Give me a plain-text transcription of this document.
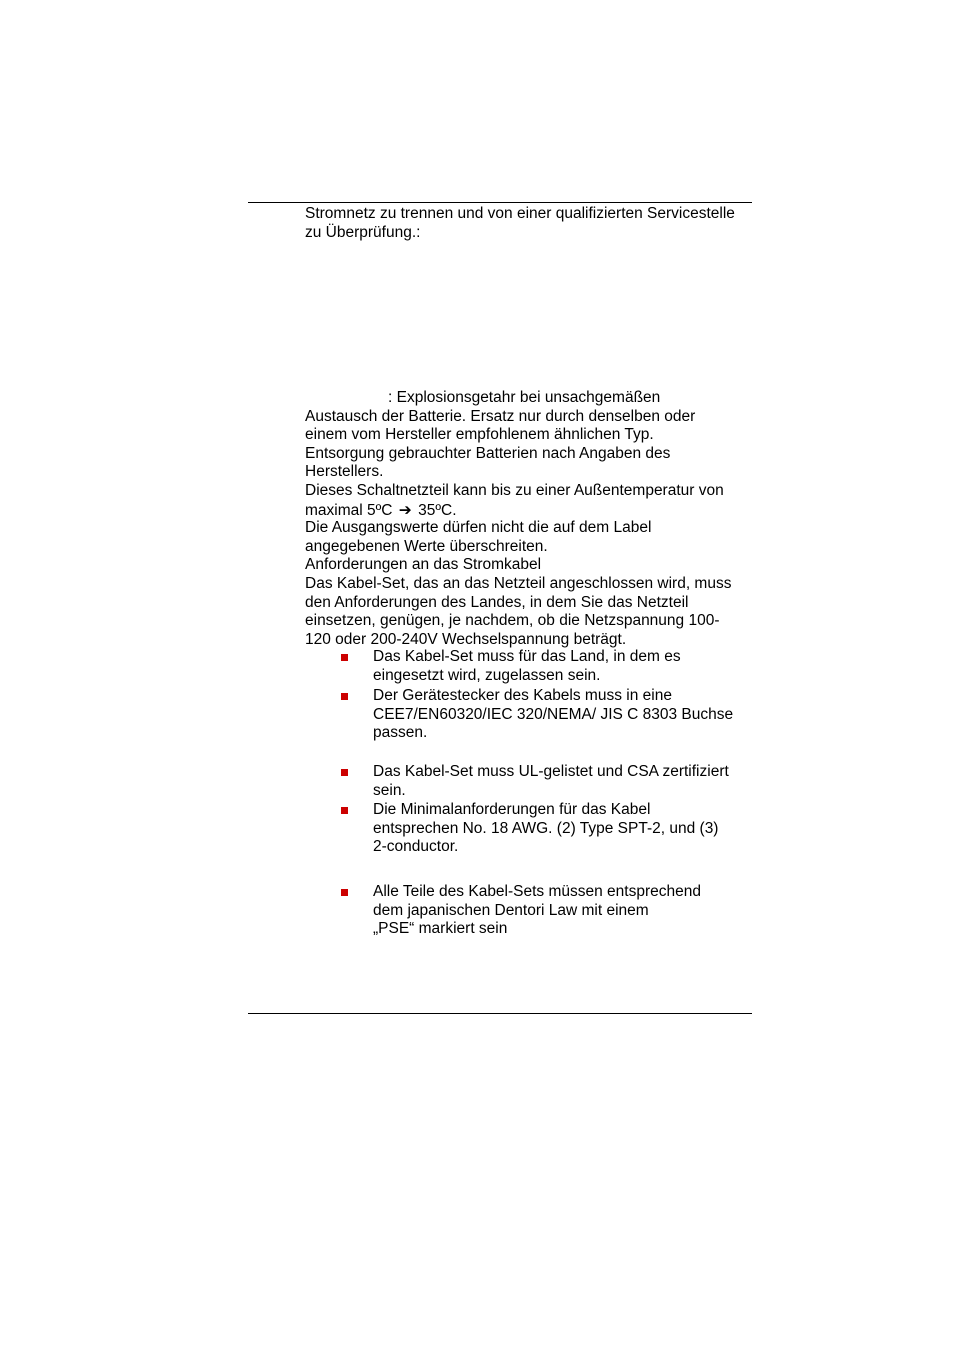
Stromnetz zu trennen und von einer qualifizierten Servicestelle
zu Überprüfung.:
: Explosionsgetahr bei unsachgemäßen
Austausch der Batterie. Ersatz nur durch denselben oder
einem vom Hersteller empfohlenem ähnlichen Typ.
Entsorgung gebrauchter Batterien nach Angaben des
Herstellers.
Dieses Schaltnetzteil kann bis zu einer Außentemperatur von
maximal 5ºC ➔ 35ºC.
Die Ausgangswerte dürfen nicht die auf dem Label
angegebenen Werte überschreiten.
Anforderungen an das Stromkabel
Das Kabel-Set, das an das Netzteil angeschlossen wird, muss
den Anforderungen des Landes, in dem Sie das Netzteil
einsetzen, genügen, je nachdem, ob die Netzspannung 100-
120 oder 200-240V Wechselspannung beträgt.
Das Kabel-Set muss für das Land, in dem es
eingesetzt wird, zugelassen sein.
Der Gerätestecker des Kabels muss in eine
CEE7/EN60320/IEC 320/NEMA/ JIS C 8303 Buchse
passen.
Das Kabel-Set muss UL-gelistet und CSA zertifiziert
sein.
Die Minimalanforderungen für das Kabel
entsprechen No. 18 AWG. (2) Type SPT-2, und (3)
2-conductor.
Alle Teile des Kabel-Sets müssen entsprechend
dem japanischen Dentori Law mit einem
„PSE“ markiert sein
